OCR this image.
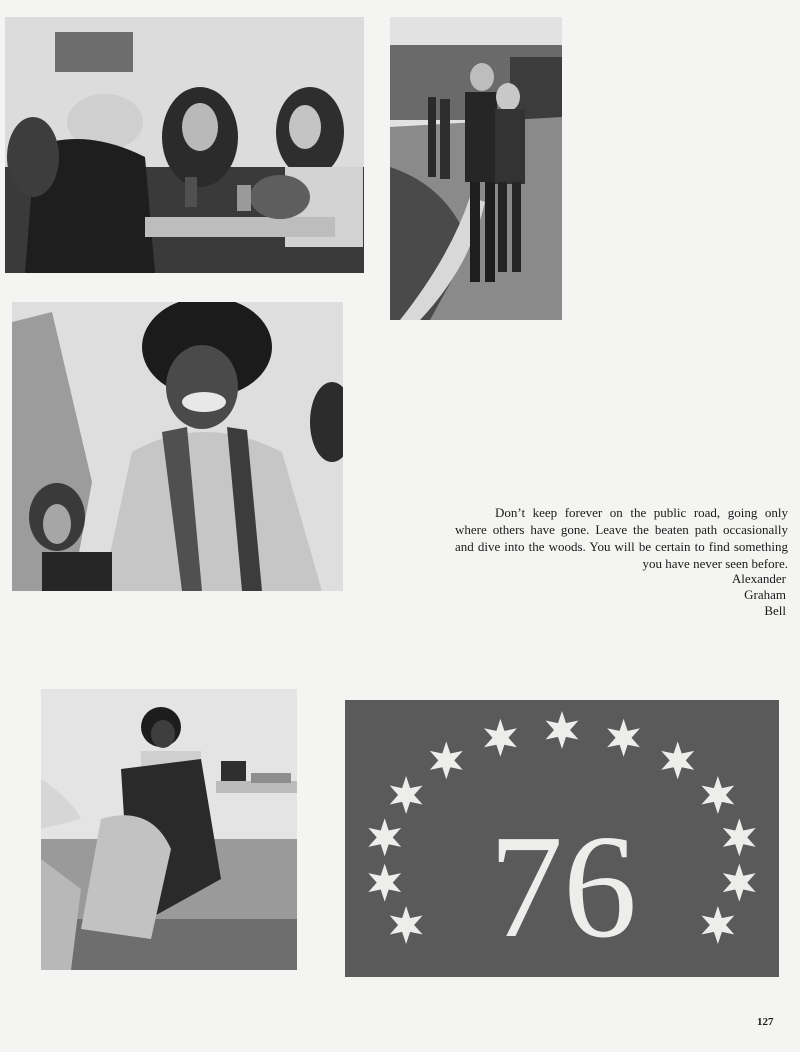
76

Don’t keep forever on the public road, going only where others have gone. Leave the beaten path occasionally and dive into the woods. You will be certain to find something you have never seen before.

Alexander
Graham
Bell
127
